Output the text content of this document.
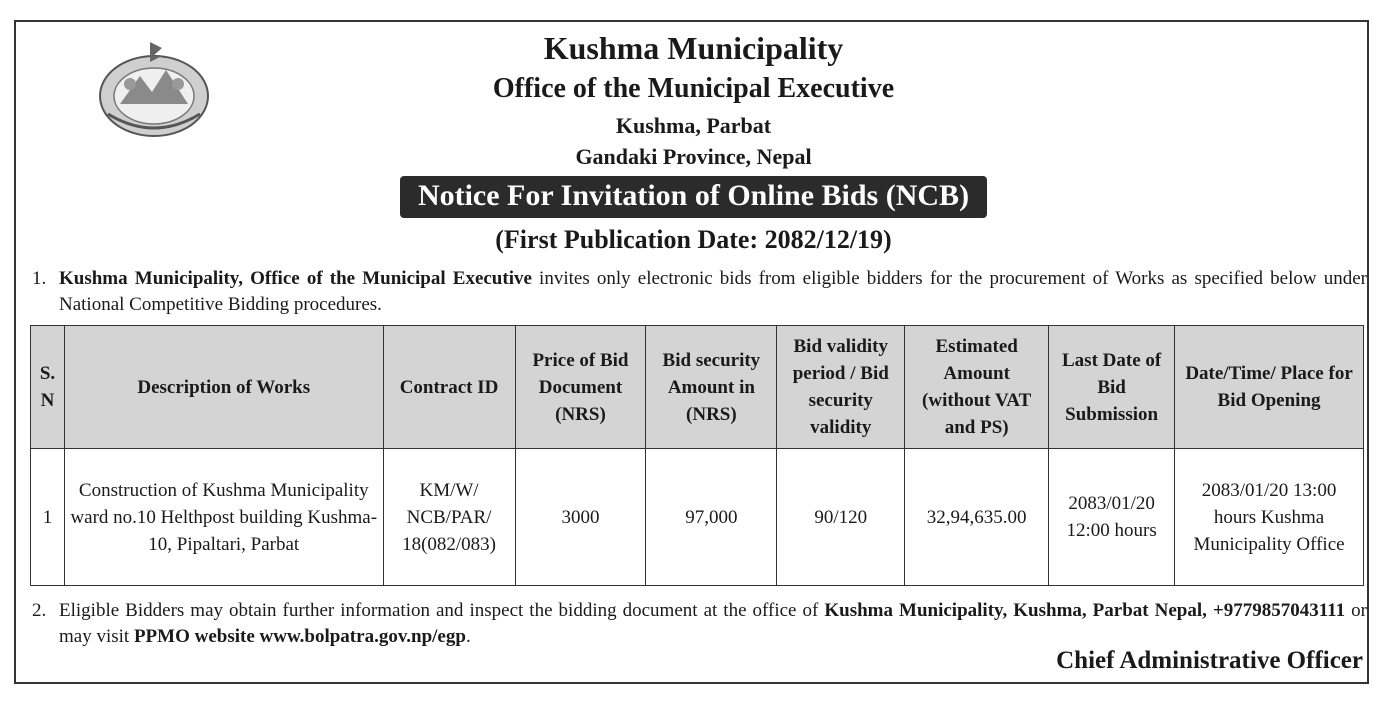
Kushma Municipality
Office of the Municipal Executive
Kushma, Parbat
Gandaki Province, Nepal
Notice For Invitation of Online Bids (NCB)
(First Publication Date: 2082/12/19)
1. Kushma Municipality, Office of the Municipal Executive invites only electronic bids from eligible bidders for the procurement of Works as specified below under National Competitive Bidding procedures.
S. N	Description of Works	Contract ID	Price of Bid Document (NRS)	Bid security Amount in (NRS)	Bid validity period / Bid security validity	Estimated Amount (without VAT and PS)	Last Date of Bid Submission	Date/Time/ Place for Bid Opening
1	Construction of Kushma Municipality ward no.10 Helthpost building Kushma- 10, Pipaltari, Parbat	KM/W/ NCB/PAR/ 18(082/083)	3000	97,000	90/120	32,94,635.00	2083/01/20 12:00 hours	2083/01/20 13:00 hours Kushma Municipality Office
2. Eligible Bidders may obtain further information and inspect the bidding document at the office of Kushma Municipality, Kushma, Parbat Nepal, +9779857043111 or may visit PPMO website www.bolpatra.gov.np/egp.
Chief Administrative Officer
